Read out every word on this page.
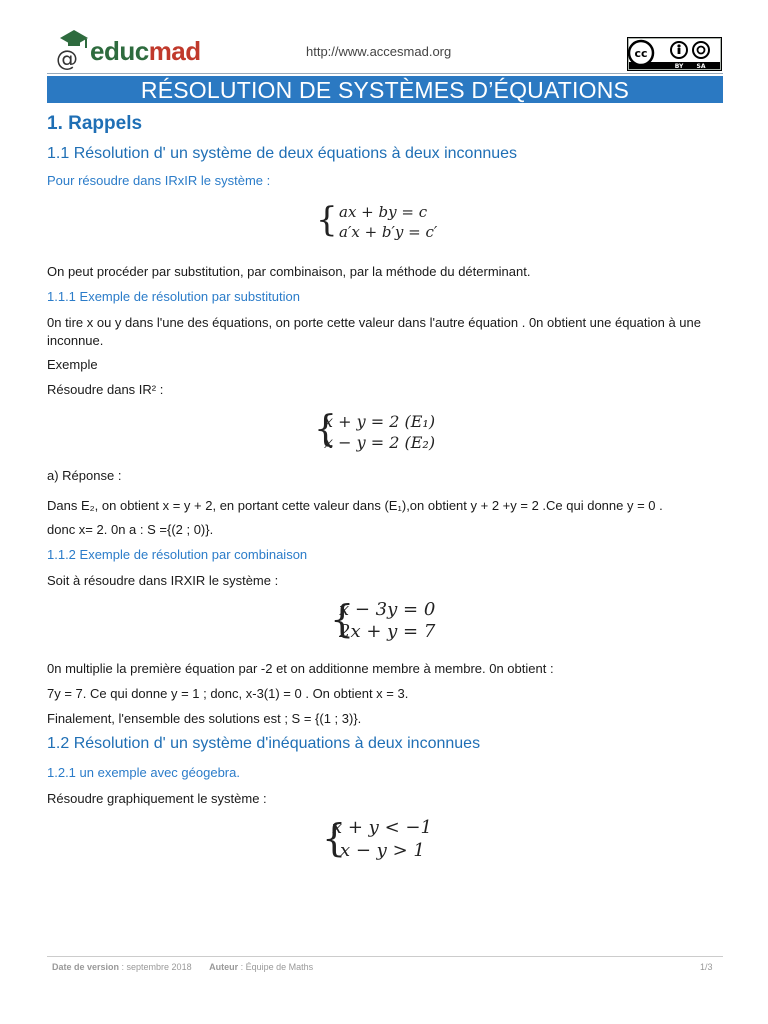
@ educmad	http://www.accesmad.org	cc
BY SA
RÉSOLUTION DE SYSTÈMES D’ÉQUATIONS
1. Rappels
1.1 Résolution d' un système de deux équations à deux inconnues
Pour résoudre dans IRxIR le système :
{ ax + by = c
a′x + b′y = c′
On peut procéder par substitution, par combinaison, par la méthode du déterminant.
1.1.1 Exemple de résolution par substitution
0n tire x ou y dans l'une des équations, on porte cette valeur dans l'autre équation . 0n obtient une équation à une inconnue.
Exemple
Résoudre dans IR² :
{
x + y = 2 (E₁)
x − y = 2 (E₂)
a) Réponse :
Dans E₂, on obtient x = y + 2, en portant cette valeur dans (E₁),on obtient y + 2 +y = 2 .Ce qui donne y = 0 .
donc x= 2. 0n a : S ={(2 ; 0)}.
1.1.2 Exemple de résolution par combinaison
Soit à résoudre dans IRXIR le système :
{
x − 3y = 0
2x + y = 7
0n multiplie la première équation par -2 et on additionne membre à membre. 0n obtient :
7y = 7. Ce qui donne y = 1 ; donc, x-3(1) = 0 . On obtient x = 3.
Finalement, l'ensemble des solutions est ; S = {(1 ; 3)}.
1.2 Résolution d' un système d'inéquations à deux inconnues
1.2.1 un exemple avec géogebra.
Résoudre graphiquement le système :
{
x + y < −1
x − y > 1
Date de version : septembre 2018 Auteur : Équipe de Maths	1/3
